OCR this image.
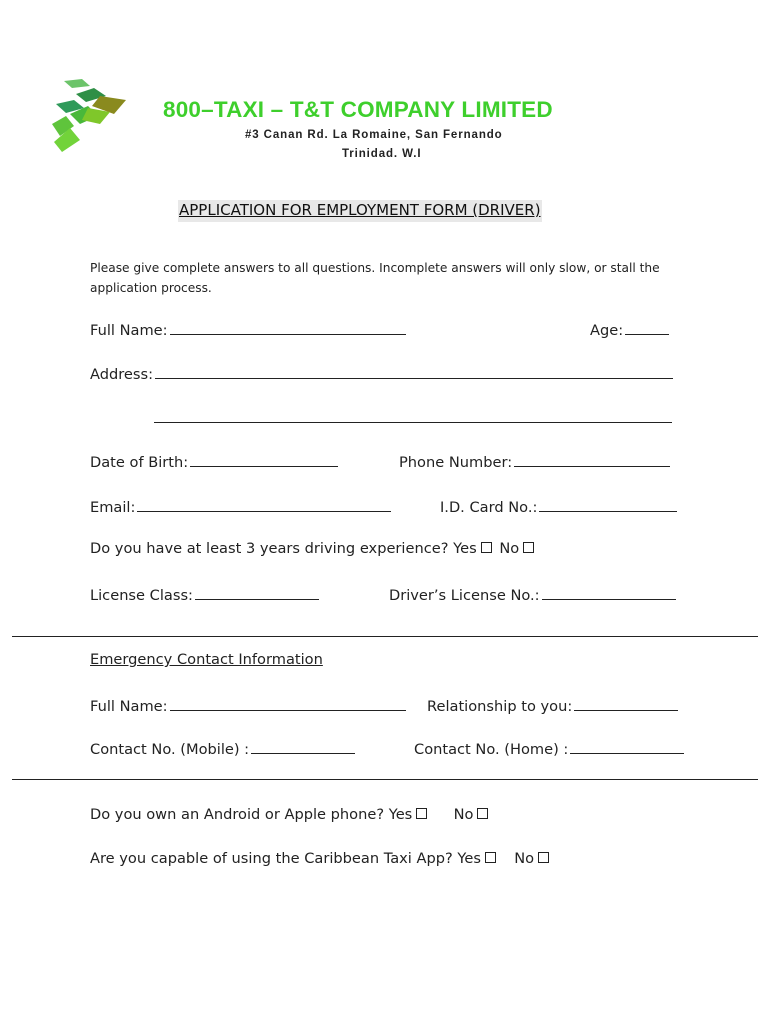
800–TAXI – T&T COMPANY LIMITED
#3 Canan Rd. La Romaine, San Fernando
Trinidad. W.I
APPLICATION FOR EMPLOYMENT FORM (DRIVER)
Please give complete answers to all questions. Incomplete answers will only slow, or stall the application process.
Full Name:	Age:
Address:
Date of Birth:	Phone Number:
Email:	I.D. Card No.:
Do you have at least 3 years driving experience? Yes No
License Class:	Driver’s License No.:
Emergency Contact Information
Full Name:	Relationship to you:
Contact No. (Mobile) :	Contact No. (Home) :
Do you own an Android or Apple phone? Yes	No
Are you capable of using the Caribbean Taxi App? Yes No
